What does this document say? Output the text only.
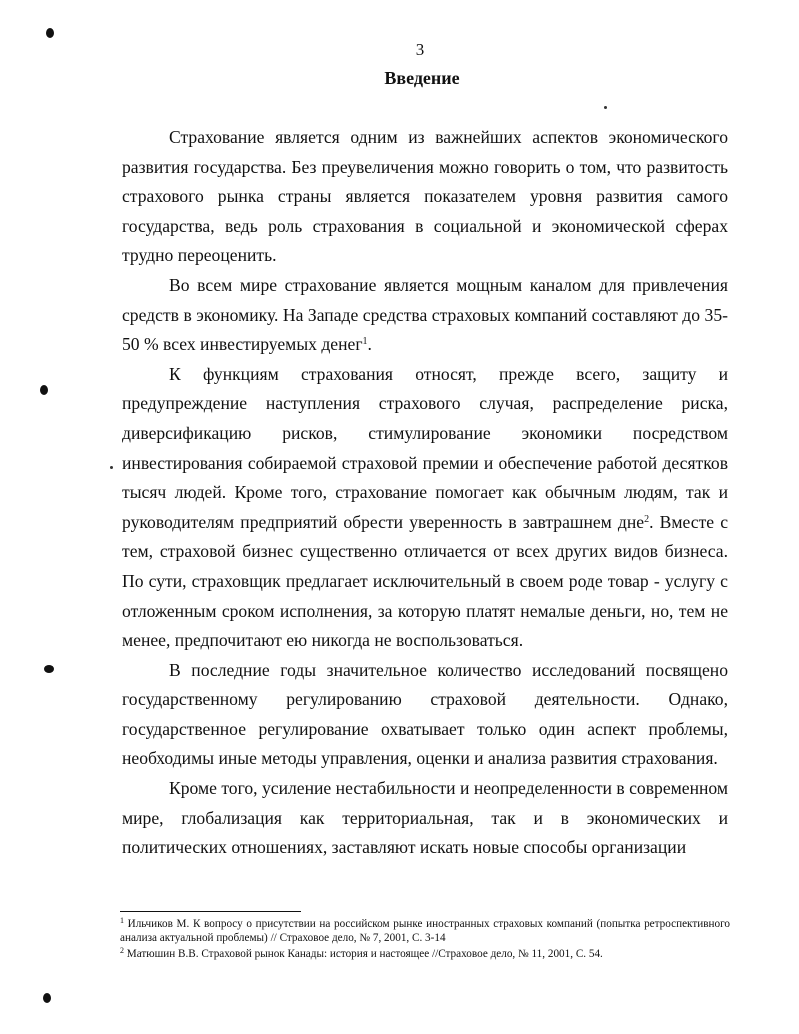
3
Введение

Страхование является одним из важнейших аспектов экономического развития государства. Без преувеличения можно говорить о том, что развитость страхового рынка страны является показателем уровня развития самого государства, ведь роль страхования в социальной и экономической сферах трудно переоценить.

Во всем мире страхование является мощным каналом для привлечения средств в экономику. На Западе средства страховых компаний составляют до 35-50 % всех инвестируемых денег$^1$.

К функциям страхования относят, прежде всего, защиту и предупреждение наступления страхового случая, распределение риска, диверсификацию рисков, стимулирование экономики посредством инвестирования собираемой страховой премии и обеспечение работой десятков тысяч людей. Кроме того, страхование помогает как обычным людям, так и руководителям предприятий обрести уверенность в завтрашнем дне$^2$. Вместе с тем, страховой бизнес существенно отличается от всех других видов бизнеса. По сути, страховщик предлагает исключительный в своем роде товар - услугу с отложенным сроком исполнения, за которую платят немалые деньги, но, тем не менее, предпочитают ею никогда не воспользоваться.

В последние годы значительное количество исследований посвящено государственному регулированию страховой деятельности. Однако, государственное регулирование охватывает только один аспект проблемы, необходимы иные методы управления, оценки и анализа развития страхования.

Кроме того, усиление нестабильности и неопределенности в современном мире, глобализация как территориальная, так и в экономических и политических отношениях, заставляют искать новые способы организации

$^1$ Ильчиков М. К вопросу о присутствии на российском рынке иностранных страховых компаний (попытка ретроспективного анализа актуальной проблемы) // Страховое дело, № 7, 2001, С. 3-14

$^2$ Матюшин В.В. Страховой рынок Канады: история и настоящее //Страховое дело, № 11, 2001, С. 54.
